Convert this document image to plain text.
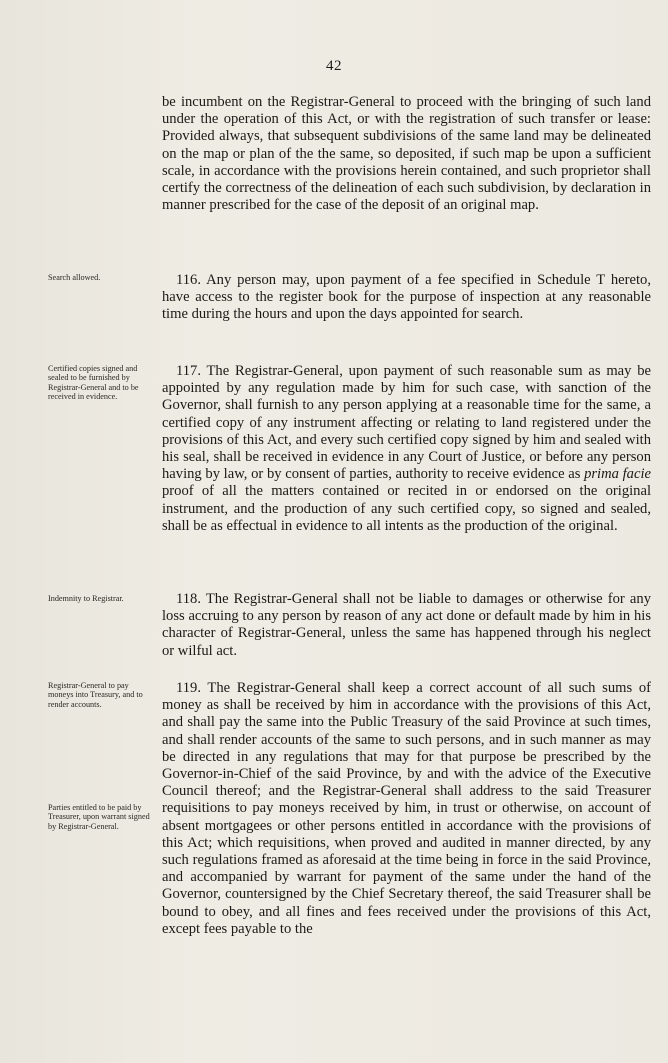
42

be incumbent on the Registrar-General to proceed with the bringing of such land under the operation of this Act, or with the registration of such transfer or lease: Provided always, that subsequent subdivisions of the same land may be delineated on the map or plan of the the same, so deposited, if such map be upon a sufficient scale, in accordance with the provisions herein contained, and such proprietor shall certify the correctness of the delineation of each such subdivision, by declaration in manner prescribed for the case of the deposit of an original map.

Search allowed.	116. Any person may, upon payment of a fee specified in Schedule T hereto, have access to the register book for the purpose of inspection at any reasonable time during the hours and upon the days appointed for search.

Certified copies signed and sealed to be furnished by Registrar-General and to be received in evidence.

117. The Registrar-General, upon payment of such reasonable sum as may be appointed by any regulation made by him for such case, with sanction of the Governor, shall furnish to any person applying at a reasonable time for the same, a certified copy of any instrument affecting or relating to land registered under the provisions of this Act, and every such certified copy signed by him and sealed with his seal, shall be received in evidence in any Court of Justice, or before any person having by law, or by consent of parties, authority to receive evidence as prima facie proof of all the matters contained or recited in or endorsed on the original instrument, and the production of any such certified copy, so signed and sealed, shall be as effectual in evidence to all intents as the production of the original.

Indemnity to Registrar.	118. The Registrar-General shall not be liable to damages or otherwise for any loss accruing to any person by reason of any act done or default made by him in his character of Registrar-General, unless the same has happened through his neglect or wilful act.

Registrar-General to pay moneys into Treasury, and to render accounts.
Parties entitled to be paid by Treasurer, upon warrant signed by Registrar-General.

119. The Registrar-General shall keep a correct account of all such sums of money as shall be received by him in accordance with the provisions of this Act, and shall pay the same into the Public Treasury of the said Province at such times, and shall render accounts of the same to such persons, and in such manner as may be directed in any regulations that may for that purpose be prescribed by the Governor-in-Chief of the said Province, by and with the advice of the Executive Council thereof; and the Registrar-General shall address to the said Treasurer requisitions to pay moneys received by him, in trust or otherwise, on account of absent mortgagees or other persons entitled in accordance with the provisions of this Act; which requisitions, when proved and audited in manner directed, by any such regulations framed as aforesaid at the time being in force in the said Province, and accompanied by warrant for payment of the same under the hand of the Governor, countersigned by the Chief Secretary thereof, the said Treasurer shall be bound to obey, and all fines and fees received under the provisions of this Act, except fees payable to the
